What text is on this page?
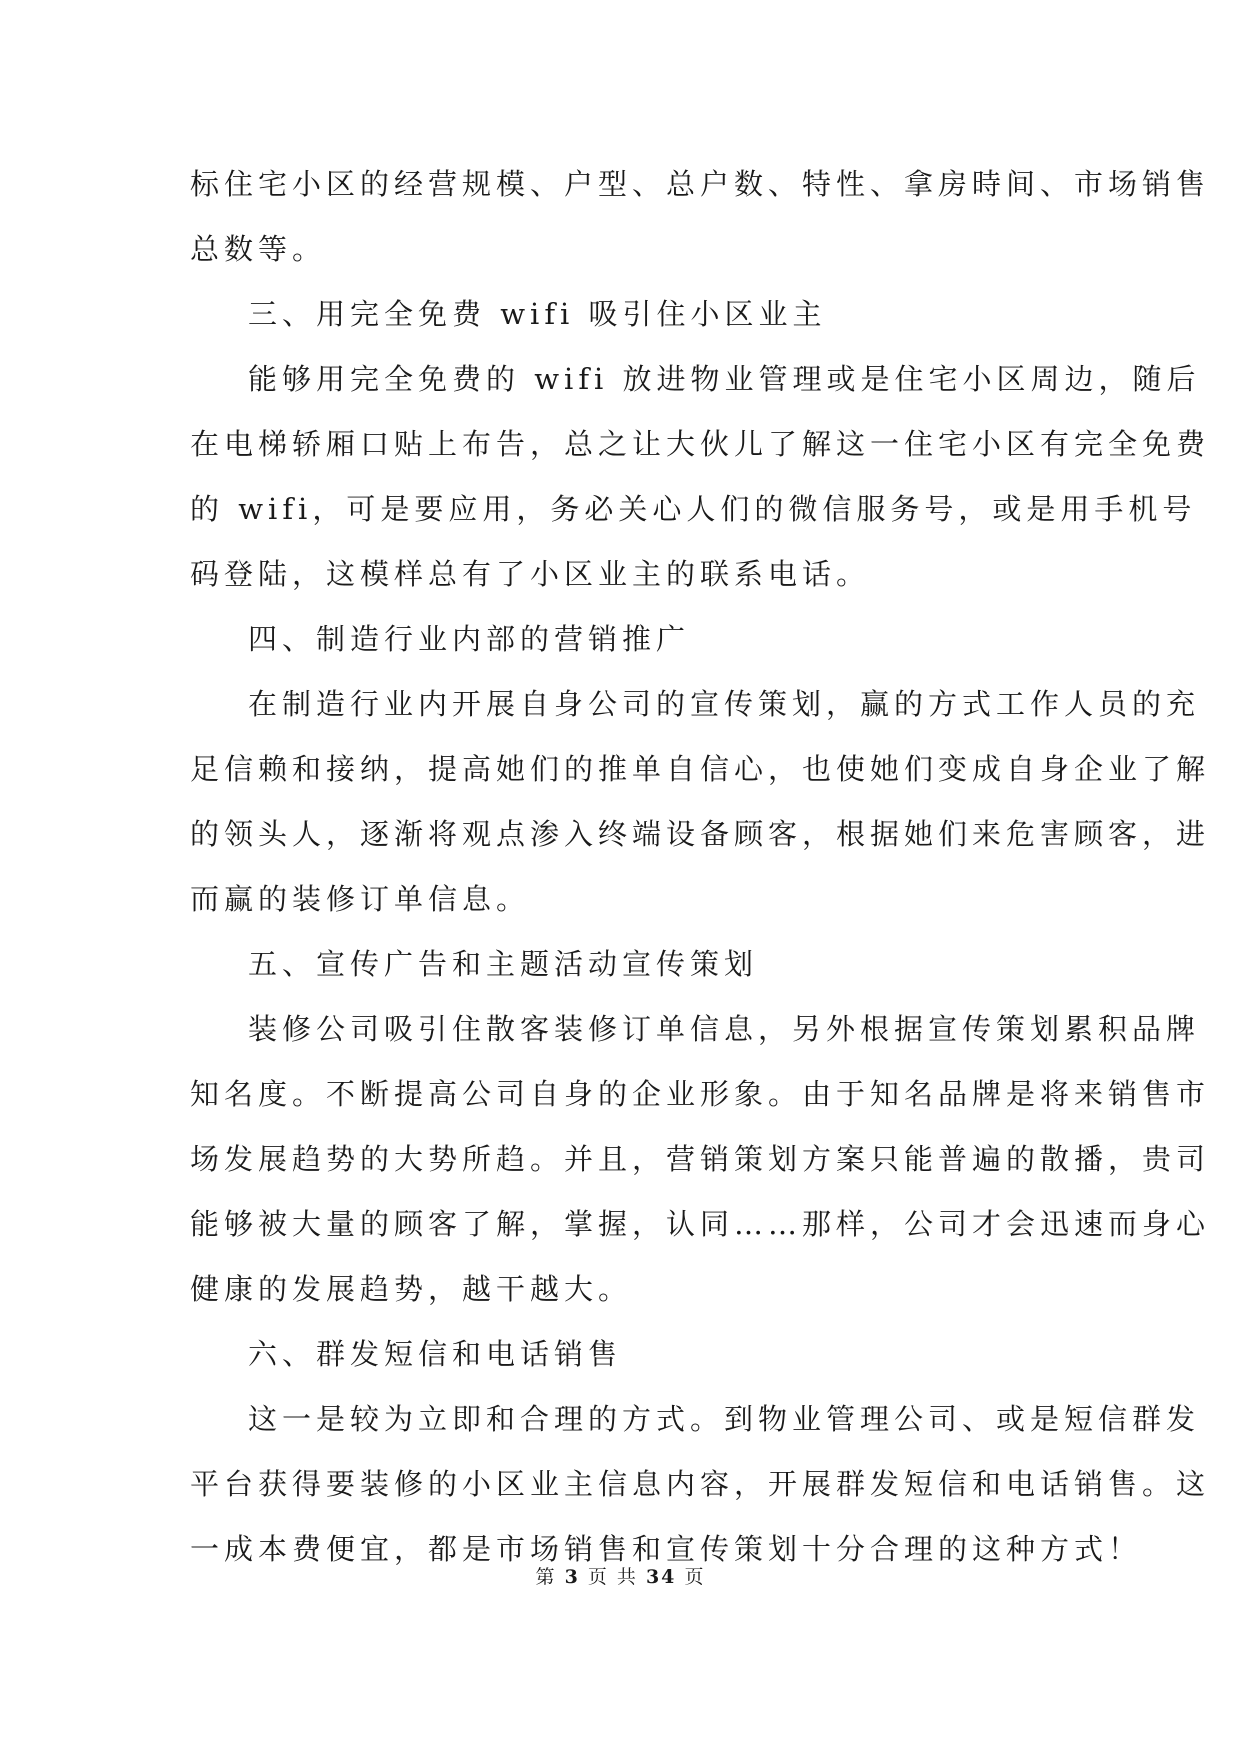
标住宅小区的经营规模、户型、总户数、特性、拿房時间、市场销售
总数等。
三、用完全免费 wifi 吸引住小区业主
能够用完全免费的 wifi 放进物业管理或是住宅小区周边，随后
在电梯轿厢口贴上布告，总之让大伙儿了解这一住宅小区有完全免费
的 wifi，可是要应用，务必关心人们的微信服务号，或是用手机号
码登陆，这模样总有了小区业主的联系电话。
四、制造行业内部的营销推广
在制造行业内开展自身公司的宣传策划，赢的方式工作人员的充
足信赖和接纳，提高她们的推单自信心，也使她们变成自身企业了解
的领头人，逐渐将观点渗入终端设备顾客，根据她们来危害顾客，进
而赢的装修订单信息。
五、宣传广告和主题活动宣传策划
装修公司吸引住散客装修订单信息，另外根据宣传策划累积品牌
知名度。不断提高公司自身的企业形象。由于知名品牌是将来销售市
场发展趋势的大势所趋。并且，营销策划方案只能普遍的散播，贵司
能够被大量的顾客了解，掌握，认同……那样，公司才会迅速而身心
健康的发展趋势，越干越大。
六、群发短信和电话销售
这一是较为立即和合理的方式。到物业管理公司、或是短信群发
平台获得要装修的小区业主信息内容，开展群发短信和电话销售。这
一成本费便宜，都是市场销售和宣传策划十分合理的这种方式！
第 3 页 共 34 页
